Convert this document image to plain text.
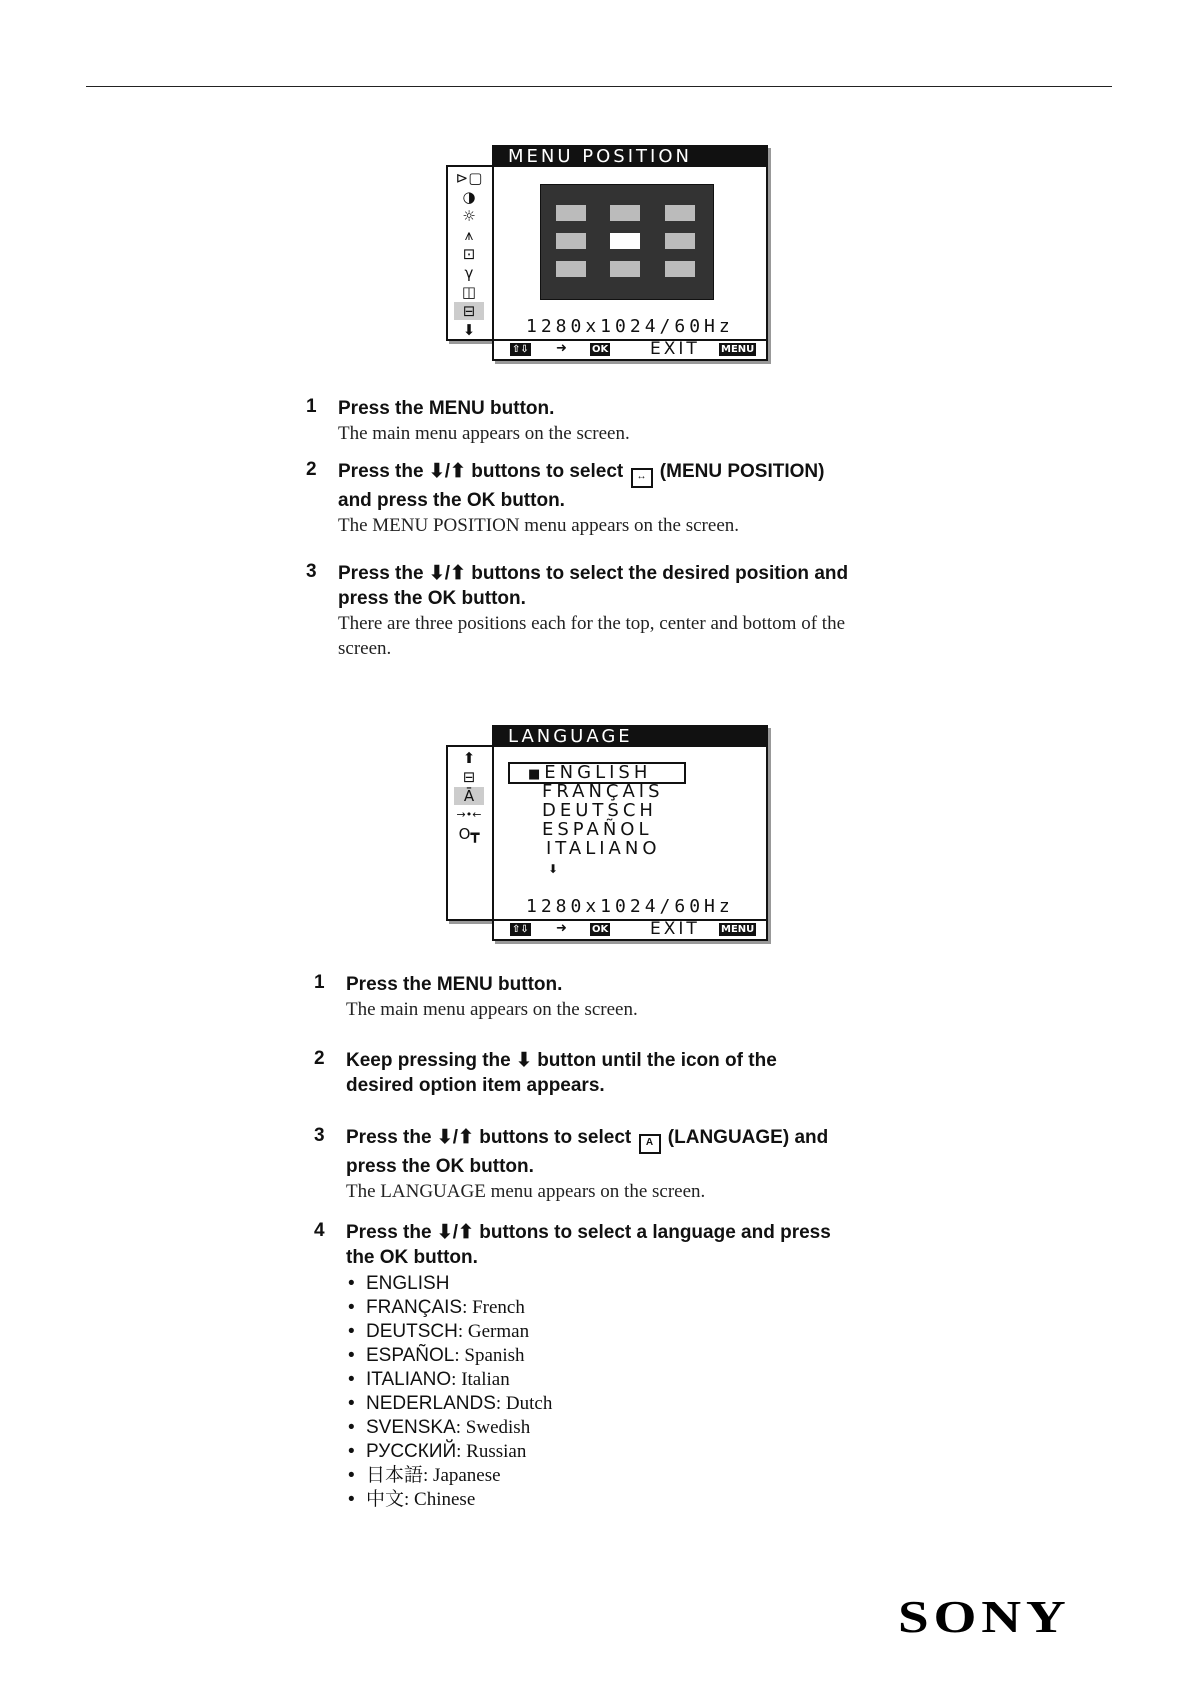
⊳▢
◑
☼
⩚
⊡
γ
◫
⊟
⬇
MENU POSITION
1280x1024/60Hz
⇧⇩ ➜	OK EXIT MENU
1 Press the MENU button.
The main menu appears on the screen.
2 Press the ⬇/⬆ buttons to select ↔ (MENU POSITION) and press the OK button.
The MENU POSITION menu appears on the screen.
3 Press the ⬇/⬆ buttons to select the desired position and press the OK button.
There are three positions each for the top, center and bottom of the screen.
⬆
⊟
Ā
→•←
O┳
LANGUAGE
■ENGLISH
FRANÇAIS
DEUTSCH
ESPAÑOL
ITALIANO
⬇
1280x1024/60Hz
⇧⇩ ➜	OK EXIT MENU
1 Press the MENU button.
The main menu appears on the screen.
2 Keep pressing the ⬇ button until the icon of the desired option item appears.
3 Press the ⬇/⬆ buttons to select A (LANGUAGE) and press the OK button.
The LANGUAGE menu appears on the screen.
4 Press the ⬇/⬆ buttons to select a language and press the OK button.
• ENGLISH
• FRANÇAIS: French
• DEUTSCH: German
• ESPAÑOL: Spanish
• ITALIANO: Italian
• NEDERLANDS: Dutch
• SVENSKA: Swedish
• РУССКИЙ: Russian
• 日本語: Japanese
• 中文: Chinese
SONY
